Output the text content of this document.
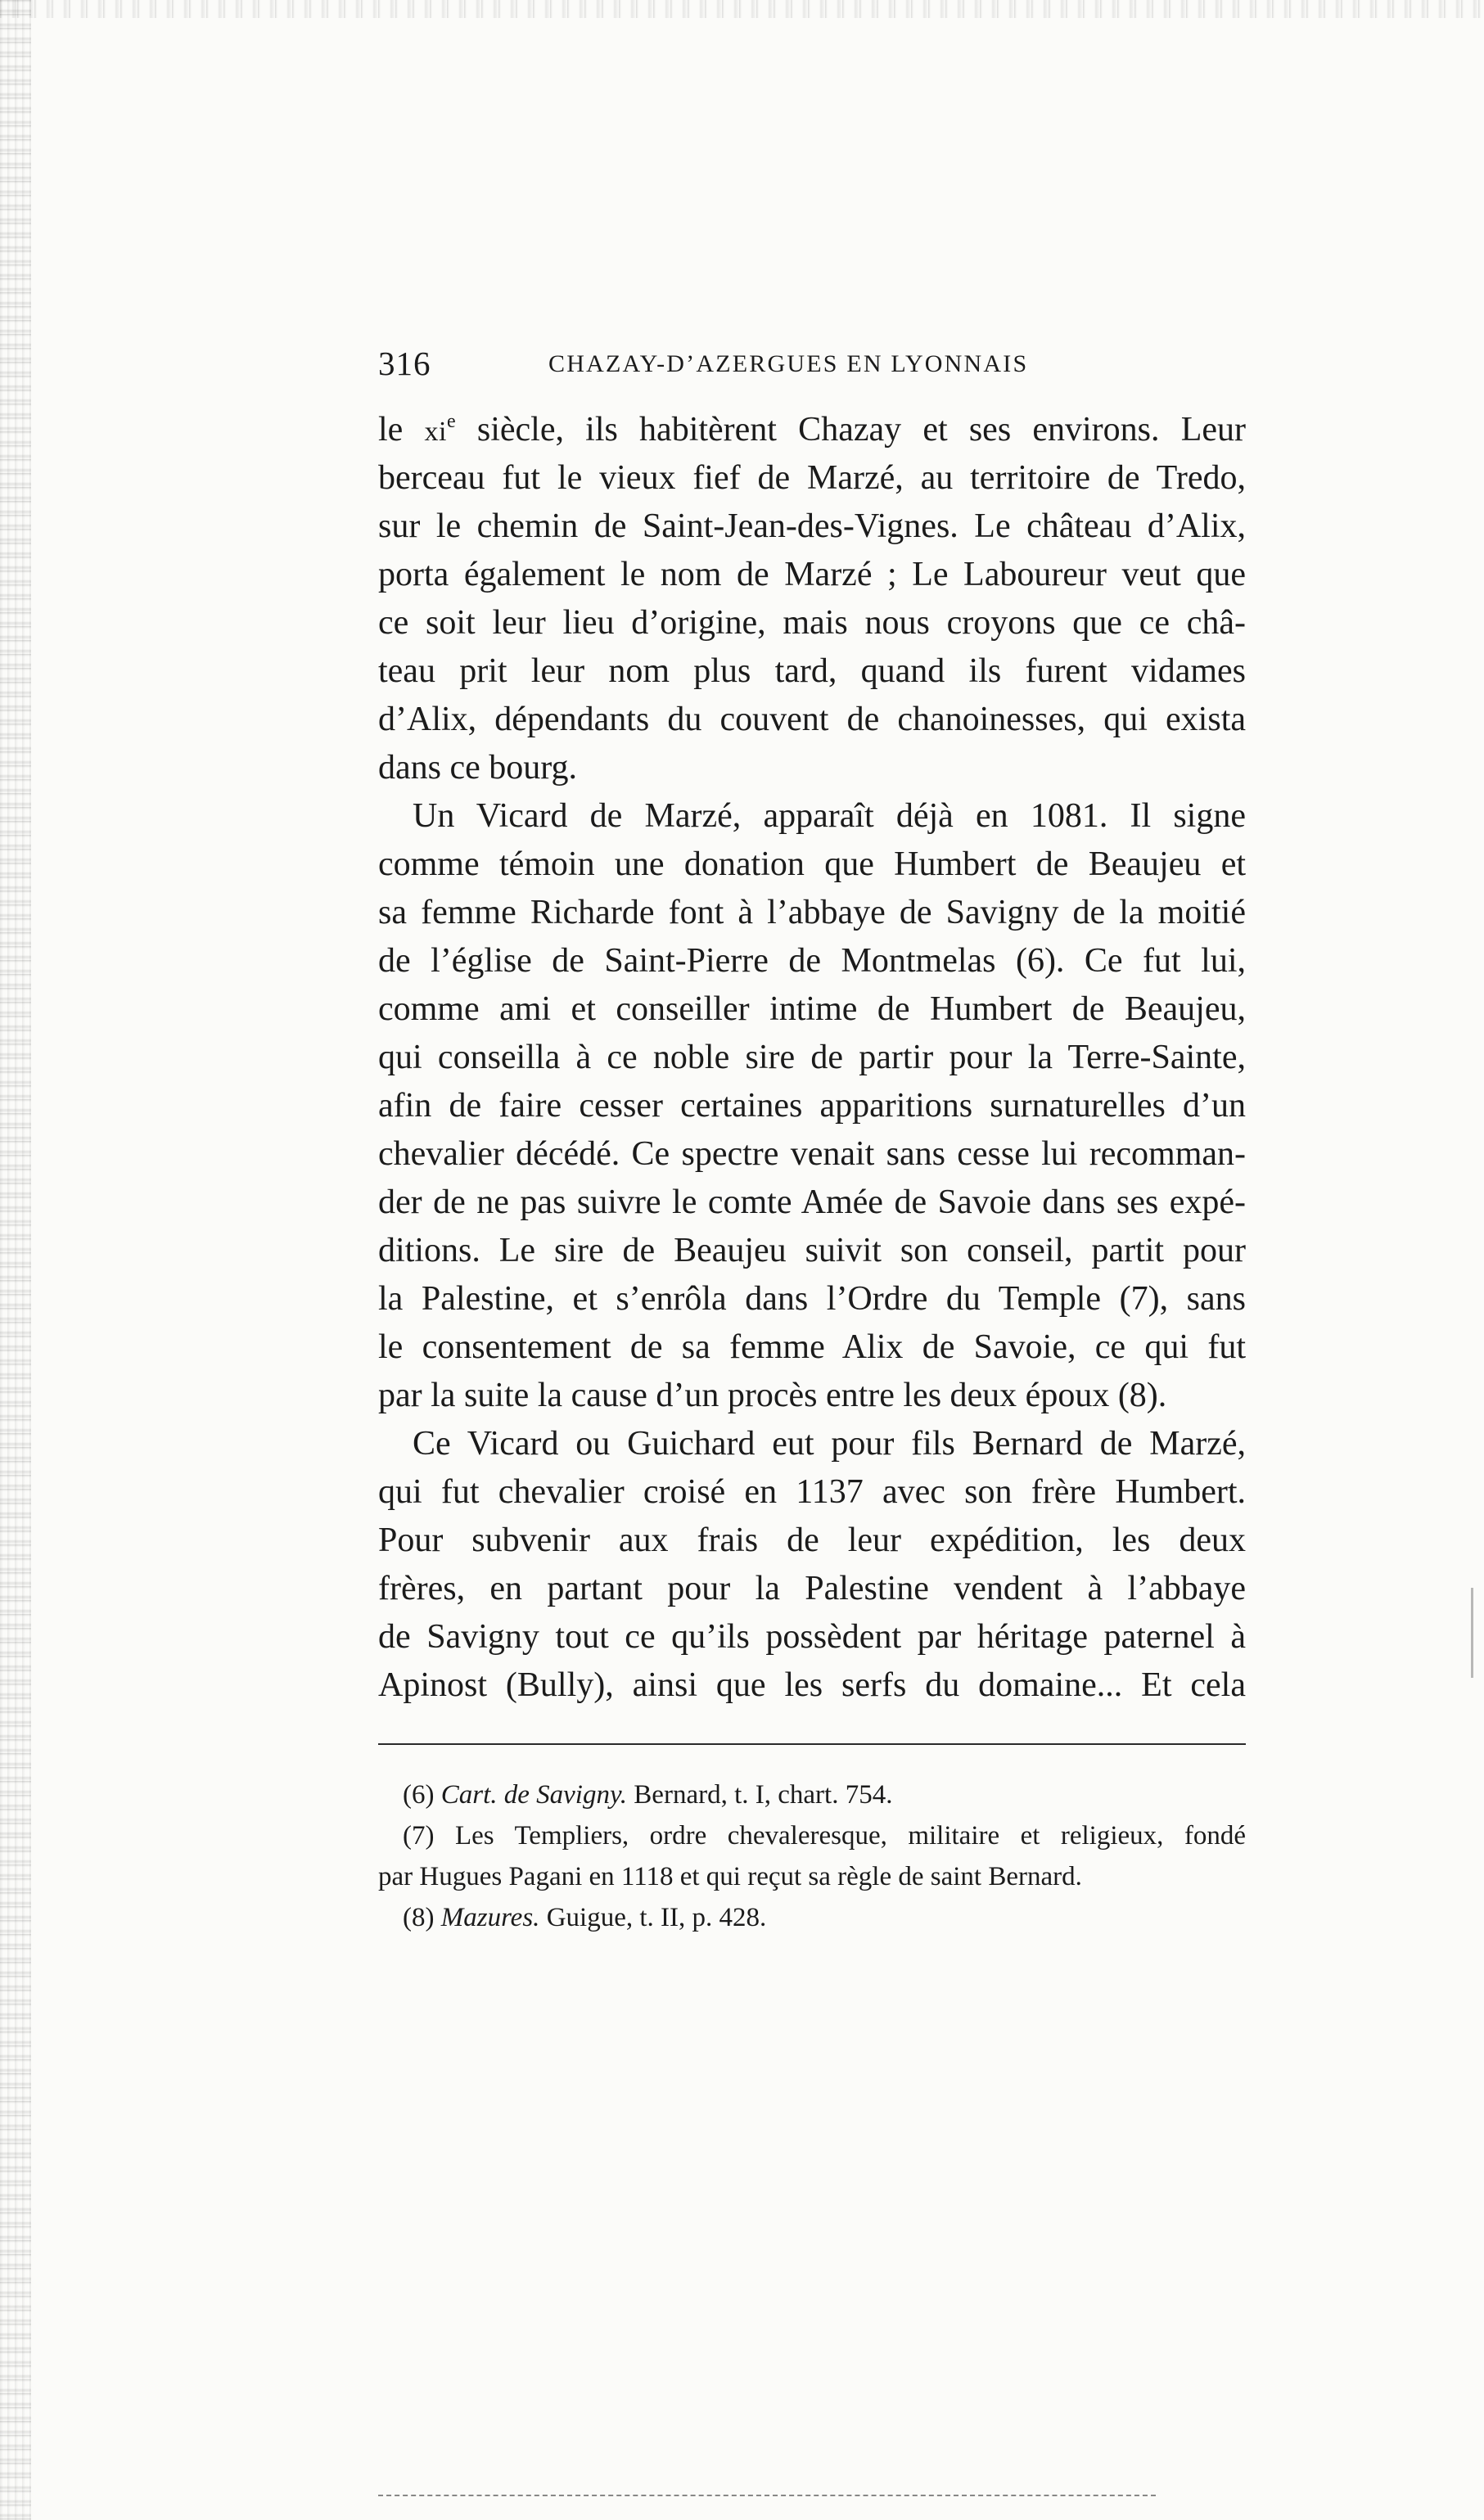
316	CHAZAY-D’AZERGUES EN LYONNAIS
le $xi^e$ siècle, ils habitèrent Chazay et ses environs. Leur
berceau fut le vieux fief de Marzé, au territoire de Tredo,
sur le chemin de Saint-Jean-des-Vignes. Le château d’Alix,
porta également le nom de Marzé ; Le Laboureur veut que
ce soit leur lieu d’origine, mais nous croyons que ce châ-
teau prit leur nom plus tard, quand ils furent vidames
d’Alix, dépendants du couvent de chanoinesses, qui exista
dans ce bourg.
Un Vicard de Marzé, apparaît déjà en 1081. Il signe
comme témoin une donation que Humbert de Beaujeu et
sa femme Richarde font à l’abbaye de Savigny de la moitié
de l’église de Saint-Pierre de Montmelas (6). Ce fut lui,
comme ami et conseiller intime de Humbert de Beaujeu,
qui conseilla à ce noble sire de partir pour la Terre-Sainte,
afin de faire cesser certaines apparitions surnaturelles d’un
chevalier décédé. Ce spectre venait sans cesse lui recomman-
der de ne pas suivre le comte Amée de Savoie dans ses expé-
ditions. Le sire de Beaujeu suivit son conseil, partit pour
la Palestine, et s’enrôla dans l’Ordre du Temple (7), sans
le consentement de sa femme Alix de Savoie, ce qui fut
par la suite la cause d’un procès entre les deux époux (8).
Ce Vicard ou Guichard eut pour fils Bernard de Marzé,
qui fut chevalier croisé en 1137 avec son frère Humbert.
Pour subvenir aux frais de leur expédition, les deux
frères, en partant pour la Palestine vendent à l’abbaye
de Savigny tout ce qu’ils possèdent par héritage paternel à
Apinost (Bully), ainsi que les serfs du domaine... Et cela
(6) Cart. de Savigny. Bernard, t. I, chart. 754.
(7) Les Templiers, ordre chevaleresque, militaire et religieux, fondé
par Hugues Pagani en 1118 et qui reçut sa règle de saint Bernard.
(8) Mazures. Guigue, t. II, p. 428.
